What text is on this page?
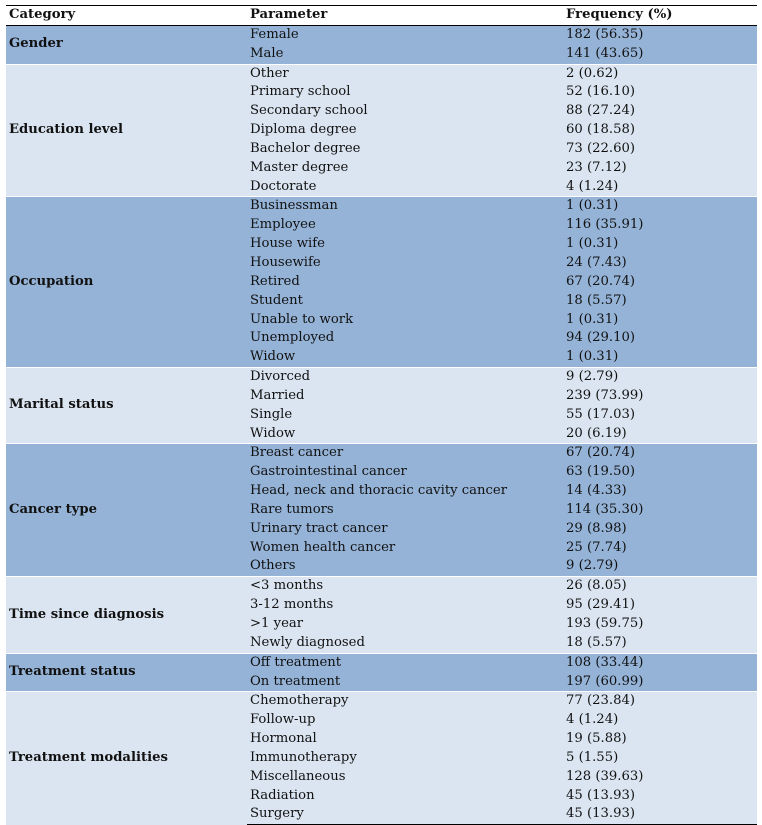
Category	Parameter	Frequency (%)
Gender	Female	182 (56.35)
	Male	141 (43.65)
Education level	Other	2 (0.62)
	Primary school	52 (16.10)
	Secondary school	88 (27.24)
	Diploma degree	60 (18.58)
	Bachelor degree	73 (22.60)
	Master degree	23 (7.12)
	Doctorate	4 (1.24)
Occupation	Businessman	1 (0.31)
	Employee	116 (35.91)
	House wife	1 (0.31)
	Housewife	24 (7.43)
	Retired	67 (20.74)
	Student	18 (5.57)
	Unable to work	1 (0.31)
	Unemployed	94 (29.10)
	Widow	1 (0.31)
Marital status	Divorced	9 (2.79)
	Married	239 (73.99)
	Single	55 (17.03)
	Widow	20 (6.19)
Cancer type	Breast cancer	67 (20.74)
	Gastrointestinal cancer	63 (19.50)
	Head, neck and thoracic cavity cancer	14 (4.33)
	Rare tumors	114 (35.30)
	Urinary tract cancer	29 (8.98)
	Women health cancer	25 (7.74)
	Others	9 (2.79)
Time since diagnosis	<3 months	26 (8.05)
	3-12 months	95 (29.41)
	>1 year	193 (59.75)
	Newly diagnosed	18 (5.57)
Treatment status	Off treatment	108 (33.44)
	On treatment	197 (60.99)
Treatment modalities	Chemotherapy	77 (23.84)
	Follow-up	4 (1.24)
	Hormonal	19 (5.88)
	Immunotherapy	5 (1.55)
	Miscellaneous	128 (39.63)
	Radiation	45 (13.93)
	Surgery	45 (13.93)
